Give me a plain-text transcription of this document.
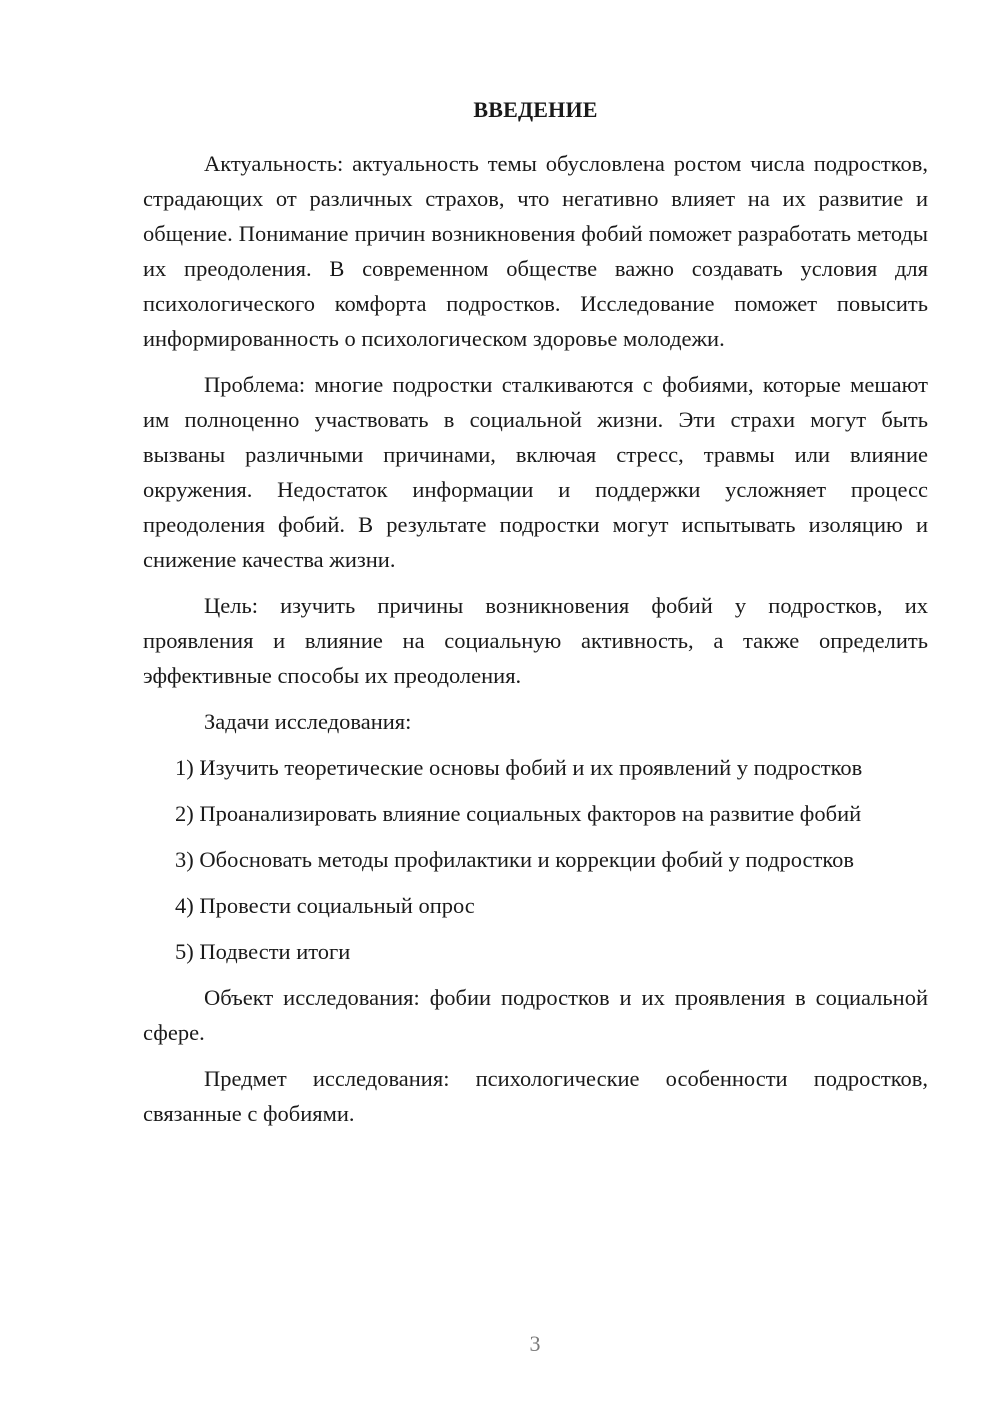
ВВЕДЕНИЕ

Актуальность: актуальность темы обусловлена ростом числа подростков, страдающих от различных страхов, что негативно влияет на их развитие и общение. Понимание причин возникновения фобий поможет разработать методы их преодоления. В современном обществе важно создавать условия для психологического комфорта подростков. Исследование поможет повысить информированность о психологическом здоровье молодежи.

Проблема: многие подростки сталкиваются с фобиями, которые мешают им полноценно участвовать в социальной жизни. Эти страхи могут быть вызваны различными причинами, включая стресс, травмы или влияние окружения. Недостаток информации и поддержки усложняет процесс преодоления фобий. В результате подростки могут испытывать изоляцию и снижение качества жизни.

Цель: изучить причины возникновения фобий у подростков, их проявления и влияние на социальную активность, а также определить эффективные способы их преодоления.

Задачи исследования:

1) Изучить теоретические основы фобий и их проявлений у подростков

2) Проанализировать влияние социальных факторов на развитие фобий

3) Обосновать методы профилактики и коррекции фобий у подростков

4) Провести социальный опрос

5) Подвести итоги

Объект исследования: фобии подростков и их проявления в социальной сфере.

Предмет исследования: психологические особенности подростков, связанные с фобиями.

3
